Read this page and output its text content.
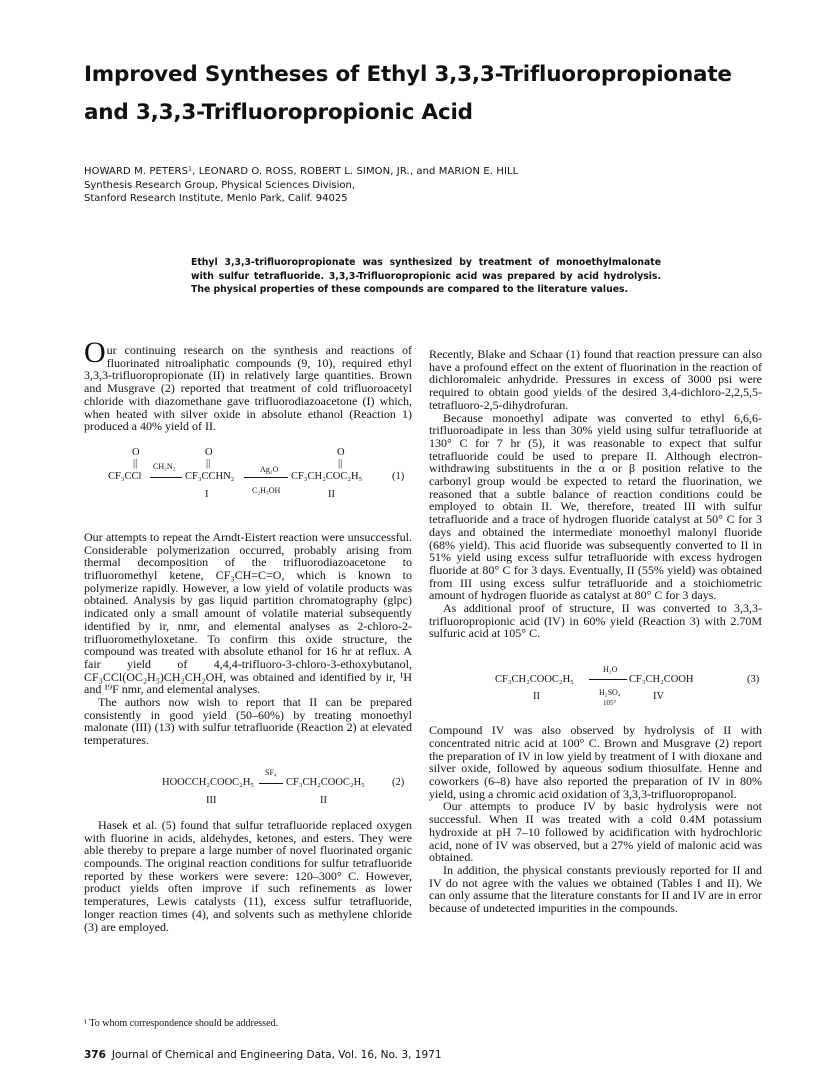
Improved Syntheses of Ethyl 3,3,3-Trifluoropropionate and 3,3,3-Trifluoropropionic Acid
HOWARD M. PETERS¹, LEONARD O. ROSS, ROBERT L. SIMON, JR., and MARION E. HILL
Synthesis Research Group, Physical Sciences Division,
Stanford Research Institute, Menlo Park, Calif. 94025
Ethyl 3,3,3-trifluoropropionate was synthesized by treatment of monoethylmalonate with sulfur tetrafluoride. 3,3,3-Trifluoropropionic acid was prepared by acid hydrolysis. The physical properties of these compounds are compared to the literature values.

Our continuing research on the synthesis and reactions of fluorinated nitroaliphatic compounds (9, 10), required ethyl 3,3,3-trifluoropropionate (II) in relatively large quantities. Brown and Musgrave (2) reported that treatment of cold trifluoroacetyl chloride with diazomethane gave trifluorodiazoacetone (I) which, when heated with silver oxide in absolute ethanol (Reaction 1) produced a 40% yield of II.

O
||
O
||
O
||
CF₃CCl
CH₂N₂
CF₃CCHN₂
I
Ag₂O
C₂H₅OH
CF₃CH₂COC₂H₅
II
(1)

Our attempts to repeat the Arndt-Eistert reaction were unsuccessful. Considerable polymerization occurred, probably arising from thermal decomposition of the trifluorodiazoacetone to trifluoromethyl ketene, CF₃CH=C=O, which is known to polymerize rapidly. However, a low yield of volatile products was obtained. Analysis by gas liquid partition chromatography (glpc) indicated only a small amount of volatile material subsequently identified by ir, nmr, and elemental analyses as 2-chloro-2-trifluoromethyloxetane. To confirm this oxide structure, the compound was treated with absolute ethanol for 16 hr at reflux. A fair yield of 4,4,4-trifluoro-3-chloro-3-ethoxybutanol, CF₃CCl(OC₂H₅)CH₂CH₂OH, was obtained and identified by ir, ¹H and ¹⁹F nmr, and elemental analyses.

The authors now wish to report that II can be prepared consistently in good yield (50–60%) by treating monoethyl malonate (III) (13) with sulfur tetrafluoride (Reaction 2) at elevated temperatures.

HOOCCH₂COOC₂H₅
III
SF₄
CF₃CH₂COOC₂H₅
II
(2)

Hasek et al. (5) found that sulfur tetrafluoride replaced oxygen with fluorine in acids, aldehydes, ketones, and esters. They were able thereby to prepare a large number of novel fluorinated organic compounds. The original reaction conditions for sulfur tetrafluoride reported by these workers were severe: 120–300° C. However, product yields often improve if such refinements as lower temperatures, Lewis catalysts (11), excess sulfur tetrafluoride, longer reaction times (4), and solvents such as methylene chloride (3) are employed.

Recently, Blake and Schaar (1) found that reaction pressure can also have a profound effect on the extent of fluorination in the reaction of dichloromaleic anhydride. Pressures in excess of 3000 psi were required to obtain good yields of the desired 3,4-dichloro-2,2,5,5-tetrafluoro-2,5-dihydrofuran.

Because monoethyl adipate was converted to ethyl 6,6,6-trifluoroadipate in less than 30% yield using sulfur tetrafluoride at 130° C for 7 hr (5), it was reasonable to expect that sulfur tetrafluoride could be used to prepare II. Although electron-withdrawing substituents in the α or β position relative to the carbonyl group would be expected to retard the fluorination, we reasoned that a subtle balance of reaction conditions could be employed to obtain II. We, therefore, treated III with sulfur tetrafluoride and a trace of hydrogen fluoride catalyst at 50° C for 3 days and obtained the intermediate monoethyl malonyl fluoride (68% yield). This acid fluoride was subsequently converted to II in 51% yield using excess sulfur tetrafluoride with excess hydrogen fluoride at 80° C for 3 days. Eventually, II (55% yield) was obtained from III using excess sulfur tetrafluoride and a stoichiometric amount of hydrogen fluoride as catalyst at 80° C for 3 days.

As additional proof of structure, II was converted to 3,3,3-trifluoropropionic acid (IV) in 60% yield (Reaction 3) with 2.70M sulfuric acid at 105° C.

CF₃CH₂COOC₂H₅
II
H₂O
H₂SO₄
105°
CF₃CH₂COOH
IV
(3)

Compound IV was also observed by hydrolysis of II with concentrated nitric acid at 100° C. Brown and Musgrave (2) report the preparation of IV in low yield by treatment of I with dioxane and silver oxide, followed by aqueous sodium thiosulfate. Henne and coworkers (6–8) have also reported the preparation of IV in 80% yield, using a chromic acid oxidation of 3,3,3-trifluoropropanol.

Our attempts to produce IV by basic hydrolysis were not successful. When II was treated with a cold 0.4M potassium hydroxide at pH 7–10 followed by acidification with hydrochloric acid, none of IV was observed, but a 27% yield of malonic acid was obtained.

In addition, the physical constants previously reported for II and IV do not agree with the values we obtained (Tables I and II). We can only assume that the literature constants for II and IV are in error because of undetected impurities in the compounds.

¹ To whom correspondence should be addressed.
376 Journal of Chemical and Engineering Data, Vol. 16, No. 3, 1971
